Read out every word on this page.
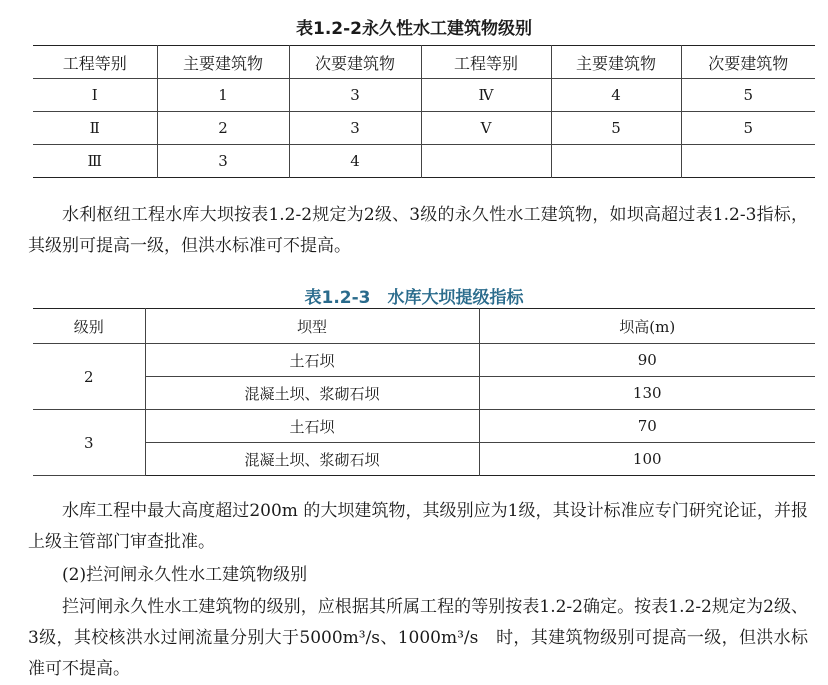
表1.2-2永久性水工建筑物级别
工程等别	主要建筑物	次要建筑物	工程等别	主要建筑物	次要建筑物
Ⅰ	1	3	Ⅳ	4	5
Ⅱ	2	3	Ⅴ	5	5
Ⅲ	3	4			

水利枢纽工程水库大坝按表1.2-2规定为2级、3级的永久性水工建筑物，如坝高超过表1.2-3指标，其级别可提高一级，但洪水标准可不提高。

表1.2-3　水库大坝提级指标
级别	坝型	坝高(m)
2	土石坝	90
	混凝土坝、浆砌石坝	130
3	土石坝	70
	混凝土坝、浆砌石坝	100

水库工程中最大高度超过200m 的大坝建筑物，其级别应为1级，其设计标准应专门研究论证，并报上级主管部门审查批准。

(2)拦河闸永久性水工建筑物级别

拦河闸永久性水工建筑物的级别，应根据其所属工程的等别按表1.2-2确定。按表1.2-2规定为2级、3级，其校核洪水过闸流量分别大于5000m³/s、1000m³/s　时，其建筑物级别可提高一级，但洪水标准可不提高。
